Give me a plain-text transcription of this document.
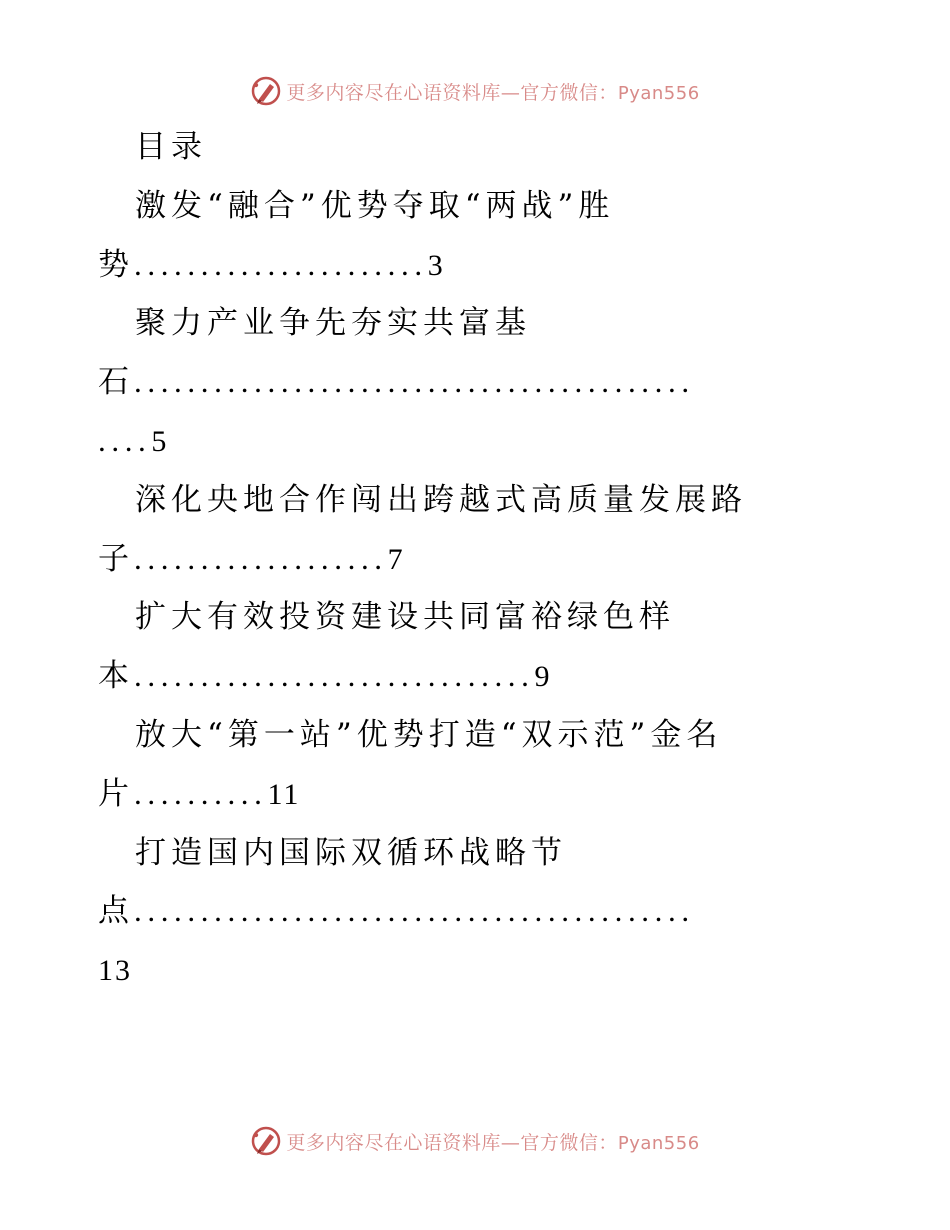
更多内容尽在心语资料库—官方微信：Pyan556
目录
激发“融合”优势夺取“两战”胜
势......................3
聚力产业争先夯实共富基
石..........................................
....5
深化央地合作闯出跨越式高质量发展路
子...................7
扩大有效投资建设共同富裕绿色样
本..............................9
放大“第一站”优势打造“双示范”金名
片..........11
打造国内国际双循环战略节
点..........................................
13
更多内容尽在心语资料库—官方微信：Pyan556
